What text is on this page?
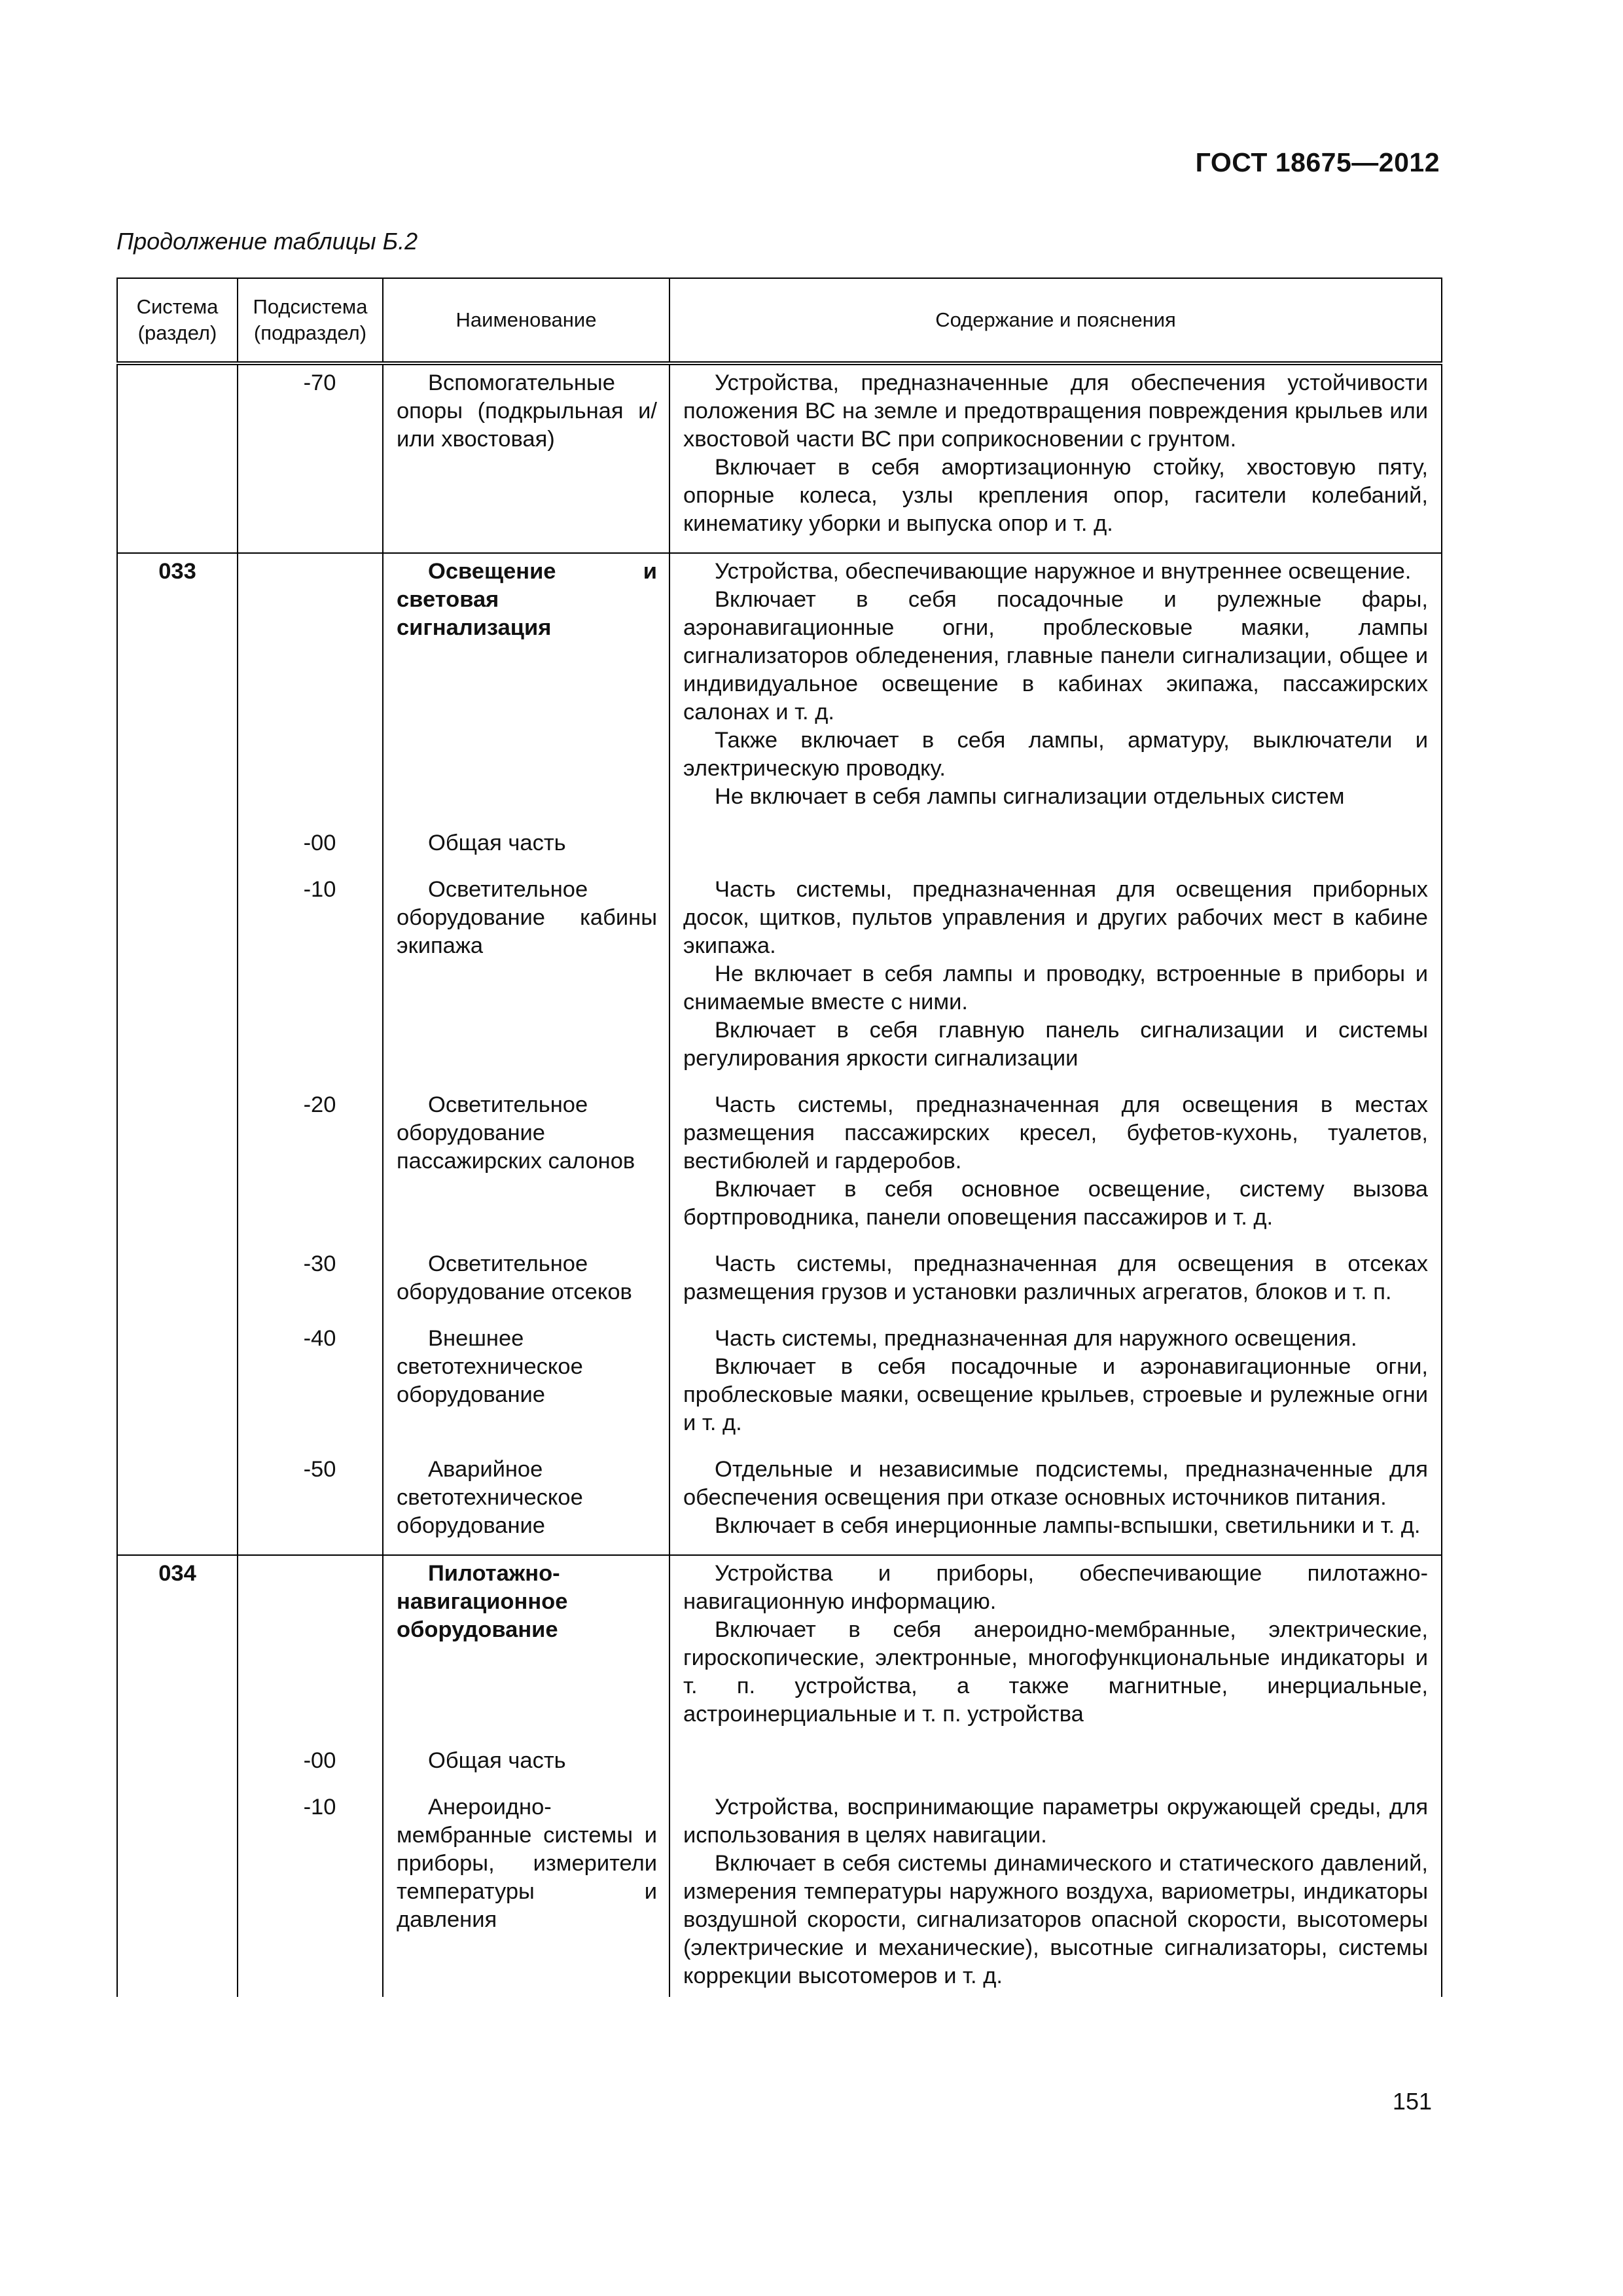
ГОСТ 18675—2012
Продолжение таблицы Б.2
Система (раздел)	Подсистема (подраздел)	Наименование	Содержание и пояснения
	-70	Вспомогательные опоры (подкрыльная и/или хвостовая)	Устройства, предназначенные для обеспечения устойчивости положения ВС на земле и предотвращения повреждения крыльев или хвостовой части ВС при соприкосновении с грунтом.
Включает в себя амортизационную стойку, хвостовую пяту, опорные колеса, узлы крепления опор, гасители колебаний, кинематику уборки и выпуска опор и т. д.

033		Освещение и световая сигнализация	Устройства, обеспечивающие наружное и внутреннее освещение.
Включает в себя посадочные и рулежные фары, аэронавигационные огни, проблесковые маяки, лампы сигнализаторов обледенения, главные панели сигнализации, общее и индивидуальное освещение в кабинах экипажа, пассажирских салонах и т. д.
Также включает в себя лампы, арматуру, выключатели и электрическую проводку.
Не включает в себя лампы сигнализации отдельных систем

	-00	Общая часть	

	-10	Осветительное оборудование кабины экипажа	Часть системы, предназначенная для освещения приборных досок, щитков, пультов управления и других рабочих мест в кабине экипажа.
Не включает в себя лампы и проводку, встроенные в приборы и снимаемые вместе с ними.
Включает в себя главную панель сигнализации и системы регулирования яркости сигнализации

	-20	Осветительное оборудование пассажирских салонов	Часть системы, предназначенная для освещения в местах размещения пассажирских кресел, буфетов-кухонь, туалетов, вестибюлей и гардеробов.
Включает в себя основное освещение, систему вызова бортпроводника, панели оповещения пассажиров и т. д.

	-30	Осветительное оборудование отсеков	Часть системы, предназначенная для освещения в отсеках размещения грузов и установки различных агрегатов, блоков и т. п.

	-40	Внешнее светотехническое оборудование	Часть системы, предназначенная для наружного освещения.
Включает в себя посадочные и аэронавигационные огни, проблесковые маяки, освещение крыльев, строевые и рулежные огни и т. д.

	-50	Аварийное светотехническое оборудование	Отдельные и независимые подсистемы, предназначенные для обеспечения освещения при отказе основных источников питания.
Включает в себя инерционные лампы-вспышки, светильники и т. д.

034		Пилотажно-навигационное оборудование	Устройства и приборы, обеспечивающие пилотажно-навигационную информацию.
Включает в себя анероидно-мембранные, электрические, гироскопические, электронные, многофункциональные индикаторы и т. п. устройства, а также магнитные, инерциальные, астроинерциальные и т. п. устройства

	-00	Общая часть	

	-10	Анероидно-мембранные системы и приборы, измерители температуры и давления	Устройства, воспринимающие параметры окружающей среды, для использования в целях навигации.
Включает в себя системы динамического и статического давлений, измерения температуры наружного воздуха, вариометры, индикаторы воздушной скорости, сигнализаторов опасной скорости, высотомеры (электрические и механические), высотные сигнализаторы, системы коррекции высотомеров и т. д.
151
